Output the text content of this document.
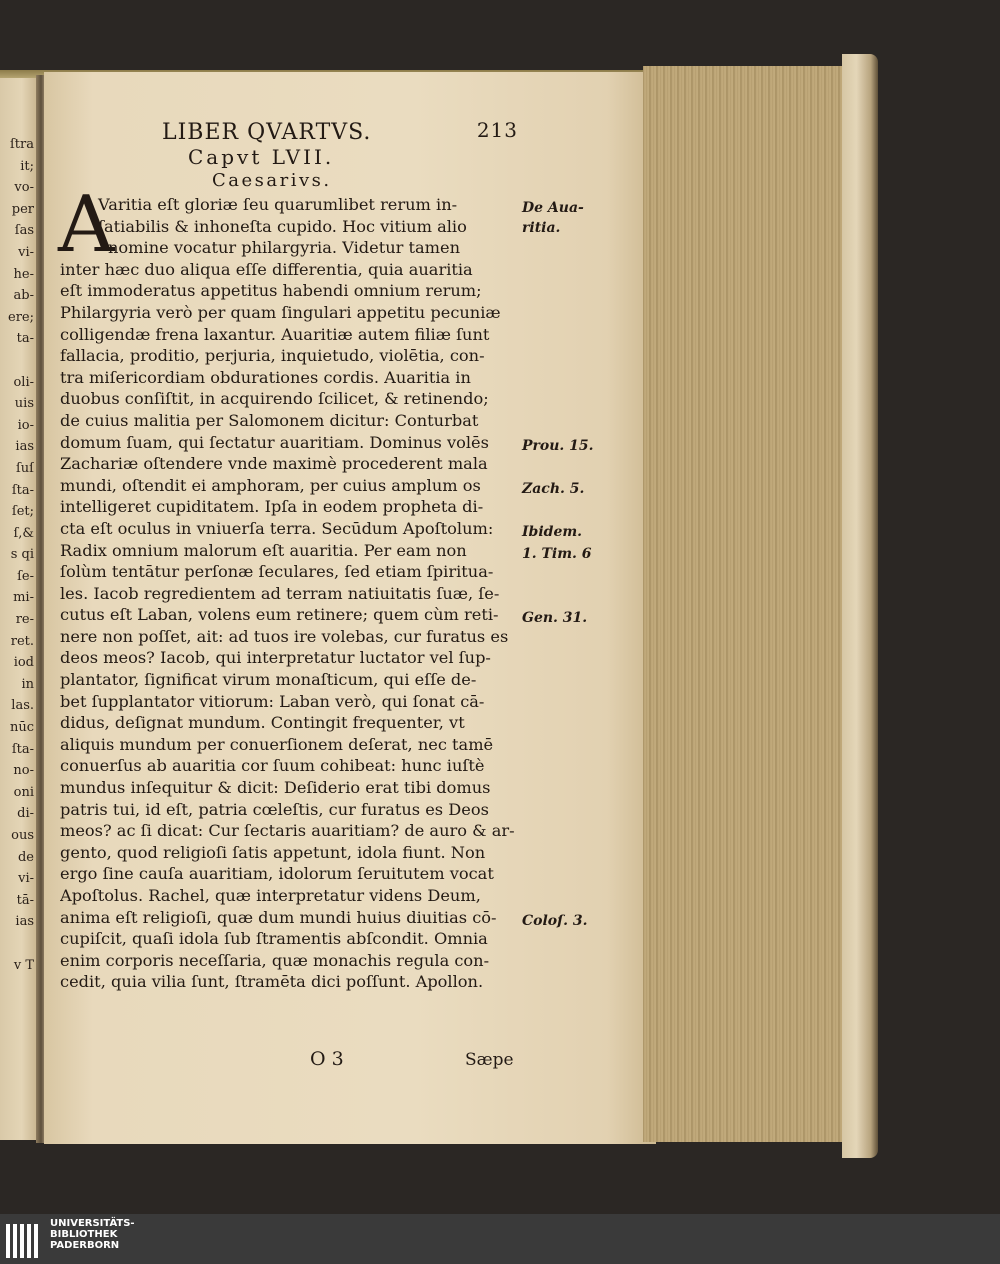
ſtra
it;
vo-
per
ſas
vi-
he-
ab-
ere;
ta-
oli-
uis
io-
ias
ſuſ
ſta-
ſet;
ſ,&
s qi
ſe-
mi-
re-
ret.
iod
in
las.
nūc
ſta-
no-
oni
di-
ous
de
vi-
tā-
ias
v T
LIBER QVARTVS.	213
Capvt LVII.
Caesarivs.
A
Varitia eſt gloriæ ſeu quarumlibet rerum in-
ſatiabilis & inhoneſta cupido. Hoc vitium alio
nomine vocatur philargyria. Videtur tamen
inter hæc duo aliqua eſſe differentia, quia auaritia
eſt immoderatus appetitus habendi omnium rerum;
Philargyria verò per quam ſingulari appetitu pecuniæ
colligendæ frena laxantur. Auaritiæ autem filiæ ſunt
fallacia, proditio, perjuria, inquietudo, violētia, con-
tra miſericordiam obdurationes cordis. Auaritia in
duobus conſiſtit, in acquirendo ſcilicet, & retinendo;
de cuius malitia per Salomonem dicitur: Conturbat
domum ſuam, qui ſectatur auaritiam. Dominus volēs
Zachariæ oſtendere vnde maximè procederent mala
mundi, oſtendit ei amphoram, per cuius amplum os
intelligeret cupiditatem. Ipſa in eodem propheta di-
cta eſt oculus in vniuerſa terra. Secūdum Apoſtolum:
Radix omnium malorum eſt auaritia. Per eam non
ſolùm tentātur perſonæ ſeculares, ſed etiam ſpiritua-
les. Iacob regredientem ad terram natiuitatis ſuæ, ſe-
cutus eſt Laban, volens eum retinere; quem cùm reti-
nere non poſſet, ait: ad tuos ire volebas, cur furatus es
deos meos? Iacob, qui interpretatur luctator vel ſup-
plantator, ſignificat virum monaſticum, qui eſſe de-
bet ſupplantator vitiorum: Laban verò, qui ſonat cā-
didus, deſignat mundum. Contingit frequenter, vt
aliquis mundum per conuerſionem deſerat, nec tamē
conuerſus ab auaritia cor ſuum cohibeat: hunc iuſtè
mundus inſequitur & dicit: Deſiderio erat tibi domus
patris tui, id eſt, patria cœleſtis, cur furatus es Deos
meos? ac ſi dicat: Cur ſectaris auaritiam? de auro & ar-
gento, quod religioſi ſatis appetunt, idola fiunt. Non
ergo ſine cauſa auaritiam, idolorum ſeruitutem vocat
Apoſtolus. Rachel, quæ interpretatur videns Deum,
anima eſt religioſi, quæ dum mundi huius diuitias cō-
cupiſcit, quaſi idola ſub ſtramentis abſcondit. Omnia
enim corporis neceſſaria, quæ monachis regula con-
cedit, quia vilia ſunt, ſtramēta dici poſſunt. Apollon.
De Aua-
ritia.
Prou. 15.
Zach. 5.
Ibidem.
1. Tim. 6
Gen. 31.
Coloſ. 3.
O 3	Sæpe
UNIVERSITÄTS-
BIBLIOTHEK
PADERBORN
